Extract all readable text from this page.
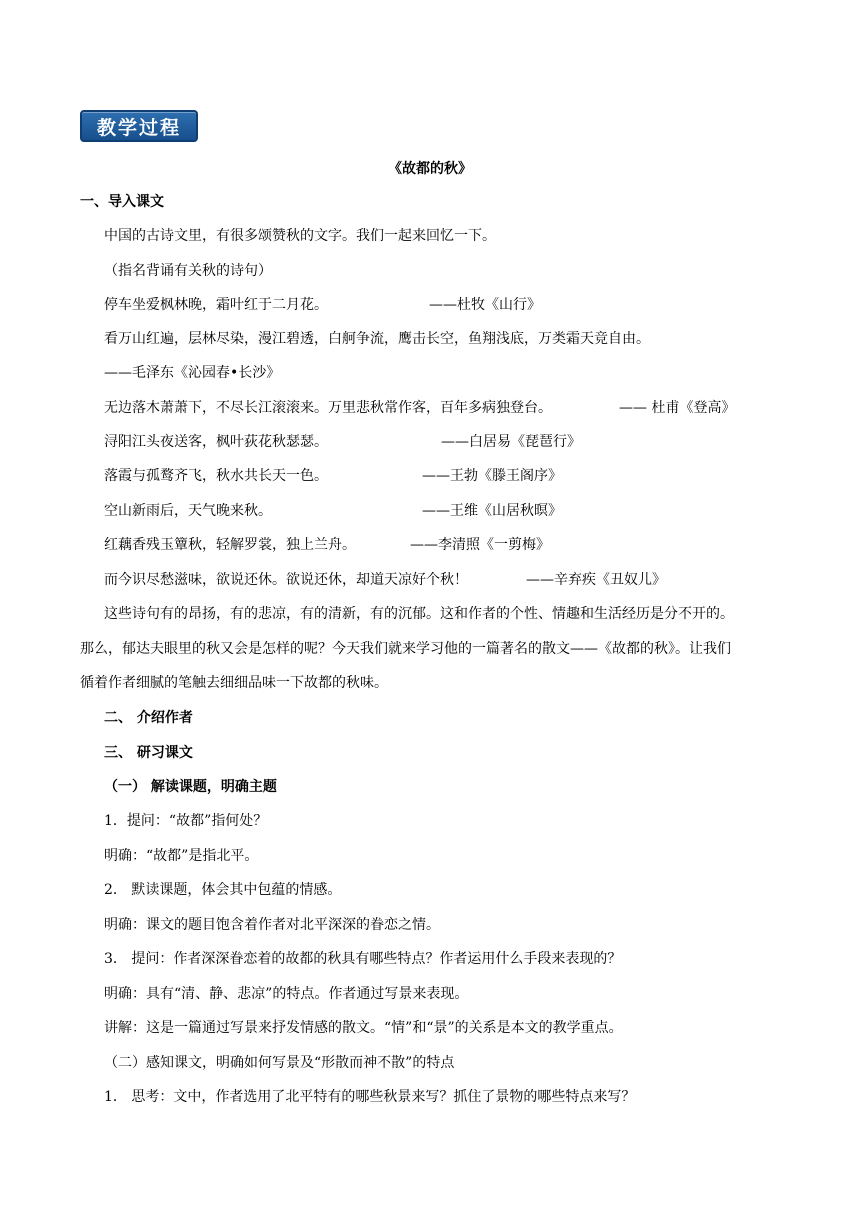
教学过程
《故都的秋》
一、导入课文
中国的古诗文里，有很多颂赞秋的文字。我们一起来回忆一下。
（指名背诵有关秋的诗句）
停车坐爱枫林晚，霜叶红于二月花。	——杜牧《山行》
看万山红遍，层林尽染，漫江碧透，白舸争流，鹰击长空，鱼翔浅底，万类霜天竞自由。
——毛泽东《沁园春•长沙》
无边落木萧萧下，不尽长江滚滚来。万里悲秋常作客，百年多病独登台。	—— 杜甫《登高》
浔阳江头夜送客，枫叶荻花秋瑟瑟。	——白居易《琵琶行》
落霞与孤鹜齐飞，秋水共长天一色。	——王勃《滕王阁序》
空山新雨后，天气晚来秋。	——王维《山居秋暝》
红藕香残玉簟秋，轻解罗裳，独上兰舟。	——李清照《一剪梅》
而今识尽愁滋味，欲说还休。欲说还休，却道天凉好个秋！	——辛弃疾《丑奴儿》
这些诗句有的昂扬，有的悲凉，有的清新，有的沉郁。这和作者的个性、情趣和生活经历是分不开的。
那么，郁达夫眼里的秋又会是怎样的呢？今天我们就来学习他的一篇著名的散文——《故都的秋》。让我们
循着作者细腻的笔触去细细品味一下故都的秋味。
二、 介绍作者
三、 研习课文
（一） 解读课题，明确主题
1．提问：“故都”指何处？
明确：“故都”是指北平。
2． 默读课题，体会其中包蕴的情感。
明确：课文的题目饱含着作者对北平深深的眷恋之情。
3． 提问：作者深深眷恋着的故都的秋具有哪些特点？作者运用什么手段来表现的？
明确：具有“清、静、悲凉”的特点。作者通过写景来表现。
讲解：这是一篇通过写景来抒发情感的散文。“情”和“景”的关系是本文的教学重点。
（二）感知课文，明确如何写景及“形散而神不散”的特点
1． 思考：文中，作者选用了北平特有的哪些秋景来写？抓住了景物的哪些特点来写？
